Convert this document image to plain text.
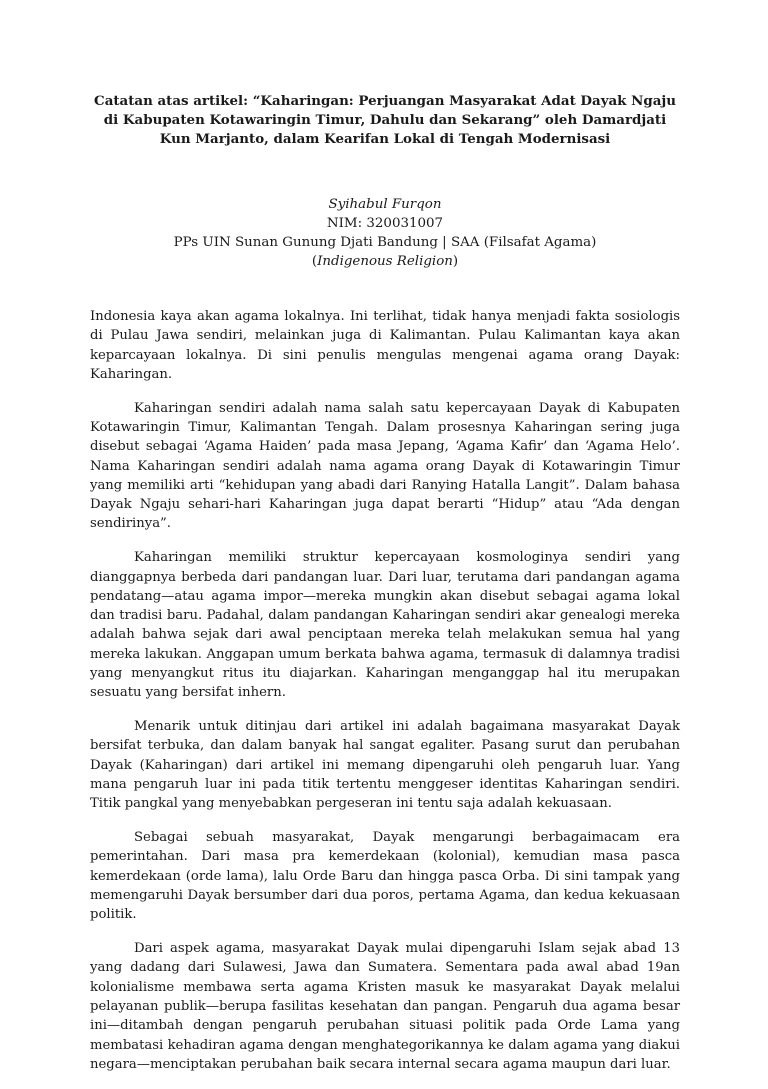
Catatan atas artikel: “Kaharingan: Perjuangan Masyarakat Adat Dayak Ngaju di Kabupaten Kotawaringin Timur, Dahulu dan Sekarang” oleh Damardjati Kun Marjanto, dalam Kearifan Lokal di Tengah Modernisasi
Syihabul Furqon
NIM: 320031007
PPs UIN Sunan Gunung Djati Bandung | SAA (Filsafat Agama)
(Indigenous Religion)

Indonesia kaya akan agama lokalnya. Ini terlihat, tidak hanya menjadi fakta sosiologis di Pulau Jawa sendiri, melainkan juga di Kalimantan. Pulau Kalimantan kaya akan keparcayaan lokalnya. Di sini penulis mengulas mengenai agama orang Dayak: Kaharingan.

Kaharingan sendiri adalah nama salah satu kepercayaan Dayak di Kabupaten Kotawaringin Timur, Kalimantan Tengah. Dalam prosesnya Kaharingan sering juga disebut sebagai ‘Agama Haiden’ pada masa Jepang, ‘Agama Kafir’ dan ‘Agama Helo’. Nama Kaharingan sendiri adalah nama agama orang Dayak di Kotawaringin Timur yang memiliki arti “kehidupan yang abadi dari Ranying Hatalla Langit”. Dalam bahasa Dayak Ngaju sehari-hari Kaharingan juga dapat berarti “Hidup” atau “Ada dengan sendirinya”.

Kaharingan memiliki struktur kepercayaan kosmologinya sendiri yang dianggapnya berbeda dari pandangan luar. Dari luar, terutama dari pandangan agama pendatang—atau agama impor—mereka mungkin akan disebut sebagai agama lokal dan tradisi baru. Padahal, dalam pandangan Kaharingan sendiri akar genealogi mereka adalah bahwa sejak dari awal penciptaan mereka telah melakukan semua hal yang mereka lakukan. Anggapan umum berkata bahwa agama, termasuk di dalamnya tradisi yang menyangkut ritus itu diajarkan. Kaharingan menganggap hal itu merupakan sesuatu yang bersifat inhern.

Menarik untuk ditinjau dari artikel ini adalah bagaimana masyarakat Dayak bersifat terbuka, dan dalam banyak hal sangat egaliter. Pasang surut dan perubahan Dayak (Kaharingan) dari artikel ini memang dipengaruhi oleh pengaruh luar. Yang mana pengaruh luar ini pada titik tertentu menggeser identitas Kaharingan sendiri. Titik pangkal yang menyebabkan pergeseran ini tentu saja adalah kekuasaan.

Sebagai sebuah masyarakat, Dayak mengarungi berbagaimacam era pemerintahan. Dari masa pra kemerdekaan (kolonial), kemudian masa pasca kemerdekaan (orde lama), lalu Orde Baru dan hingga pasca Orba. Di sini tampak yang memengaruhi Dayak bersumber dari dua poros, pertama Agama, dan kedua kekuasaan politik.

Dari aspek agama, masyarakat Dayak mulai dipengaruhi Islam sejak abad 13 yang dadang dari Sulawesi, Jawa dan Sumatera. Sementara pada awal abad 19an kolonialisme membawa serta agama Kristen masuk ke masyarakat Dayak melalui pelayanan publik—berupa fasilitas kesehatan dan pangan. Pengaruh dua agama besar ini—ditambah dengan pengaruh perubahan situasi politik pada Orde Lama yang membatasi kehadiran agama dengan menghategorikannya ke dalam agama yang diakui negara—menciptakan perubahan baik secara internal secara agama maupun dari luar.
